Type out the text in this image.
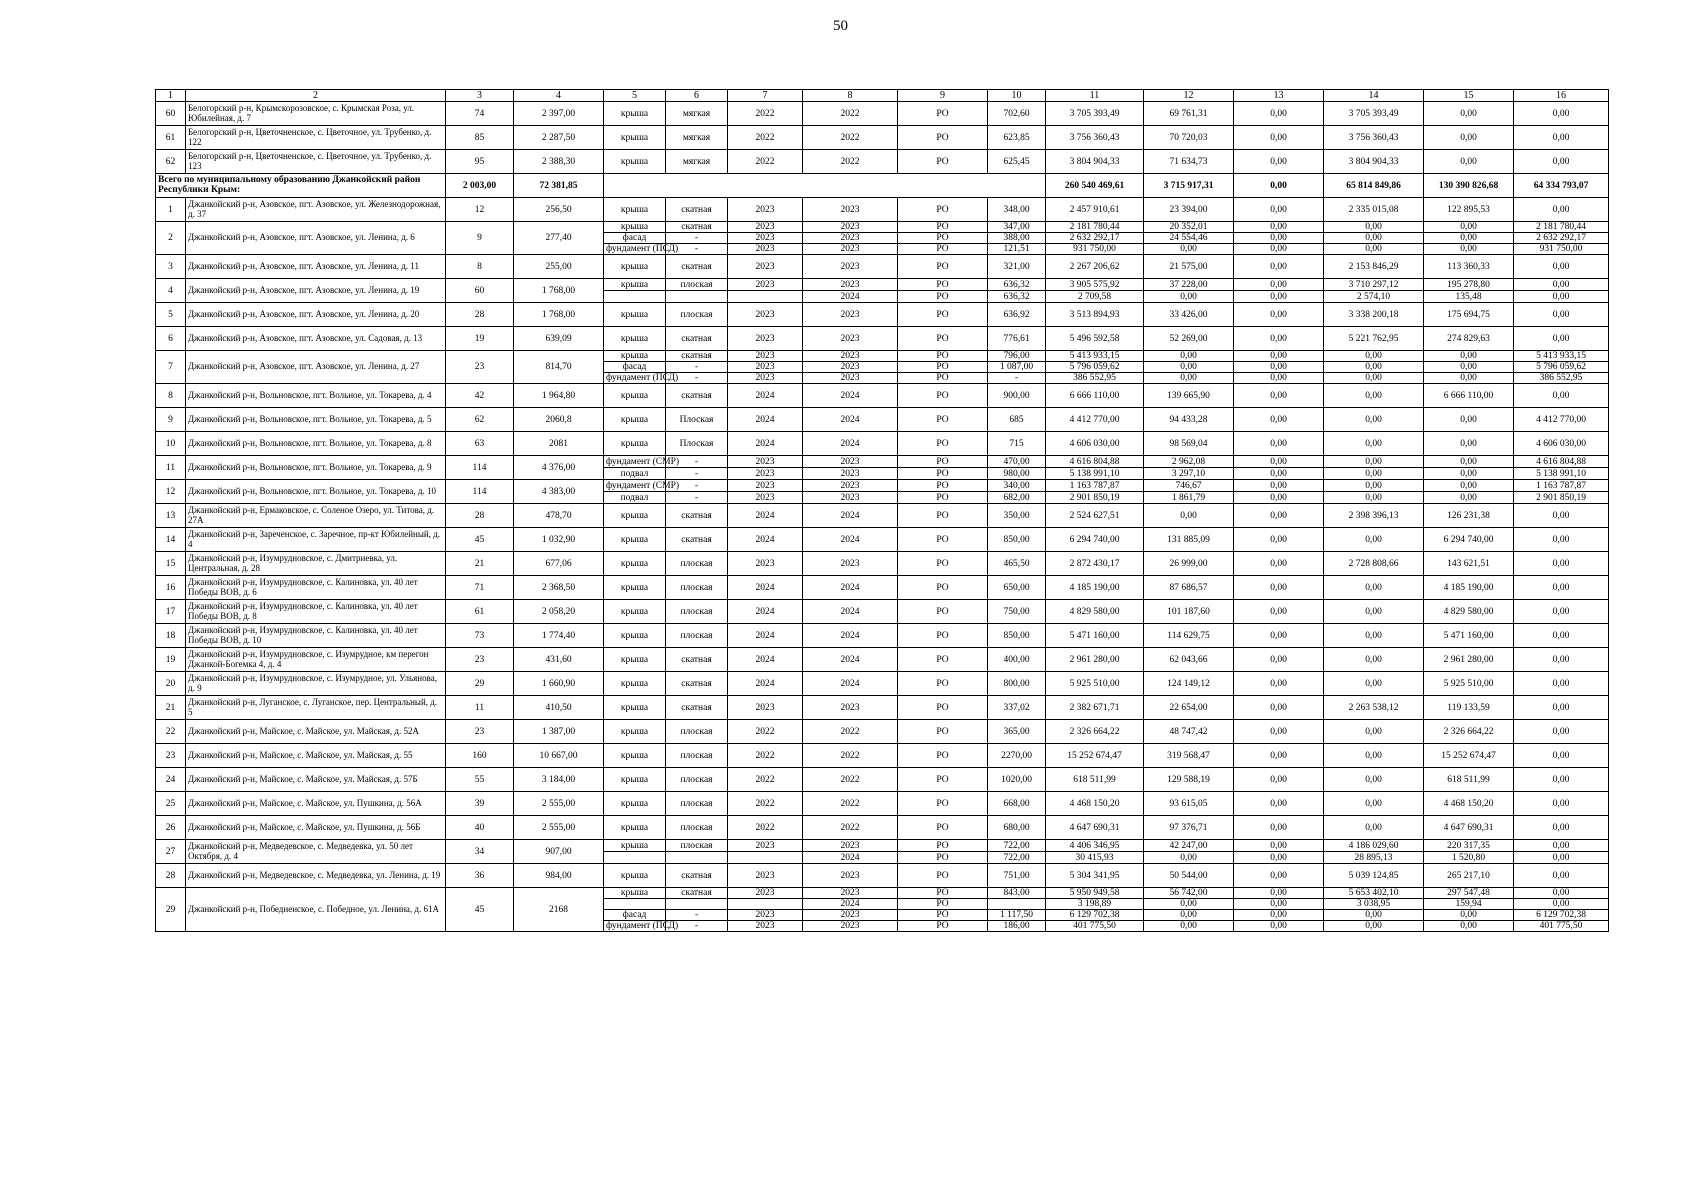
50
1	2	3	4	5	6	7	8	9	10	11	12	13	14	15	16
60	Белогорский р-н, Крымскорозовское, с. Крымская Роза, ул. Юбилейная, д. 7	74	2 397,00	крыша	мягкая	2022	2022	РО	702,60	3 705 393,49	69 761,31	0,00	3 705 393,49	0,00	0,00
61	Белогорский р-н, Цветочненское, с. Цветочное, ул. Трубенко, д. 122	85	2 287,50	крыша	мягкая	2022	2022	РО	623,85	3 756 360,43	70 720,03	0,00	3 756 360,43	0,00	0,00
62	Белогорский р-н, Цветочненское, с. Цветочное, ул. Трубенко, д. 123	95	2 388,30	крыша	мягкая	2022	2022	РО	625,45	3 804 904,33	71 634,73	0,00	3 804 904,33	0,00	0,00
Всего по муниципальному образованию Джанкойский район Республики Крым:		2 003,00	72 381,85							260 540 469,61	3 715 917,31	0,00	65 814 849,86	130 390 826,68	64 334 793,07
1	Джанкойский р-н, Азовское, пгт. Азовское, ул. Железнодорожная, д. 37	12	256,50	крыша	скатная	2023	2023	РО	348,00	2 457 910,61	23 394,00	0,00	2 335 015,08	122 895,53	0,00
2	Джанкойский р-н, Азовское, пгт. Азовское, ул. Ленина, д. 6	9	277,40	крыша	скатная	2023	2023	РО	347,00	2 181 780,44	20 352,01	0,00	0,00	0,00	2 181 780,44
				фасад	-	2023	2023	РО	388,00	2 632 292,17	24 554,46	0,00	0,00	0,00	2 632 292,17
				фундамент (ПСД)	-	2023	2023	РО	121,51	931 750,00	0,00	0,00	0,00	0,00	931 750,00
3	Джанкойский р-н, Азовское, пгт. Азовское, ул. Ленина, д. 11	8	255,00	крыша	скатная	2023	2023	РО	321,00	2 267 206,62	21 575,00	0,00	2 153 846,29	113 360,33	0,00
4	Джанкойский р-н, Азовское, пгт. Азовское, ул. Ленина, д. 19	60	1 768,00	крыша	плоская	2023	2023	РО	636,32	3 905 575,92	37 228,00	0,00	3 710 297,12	195 278,80	0,00
							2024	РО	636,32	2 709,58	0,00	0,00	2 574,10	135,48	0,00
5	Джанкойский р-н, Азовское, пгт. Азовское, ул. Ленина, д. 20	28	1 768,00	крыша	плоская	2023	2023	РО	636,92	3 513 894,93	33 426,00	0,00	3 338 200,18	175 694,75	0,00
6	Джанкойский р-н, Азовское, пгт. Азовское, ул. Садовая, д. 13	19	639,09	крыша	скатная	2023	2023	РО	776,61	5 496 592,58	52 269,00	0,00	5 221 762,95	274 829,63	0,00
7	Джанкойский р-н, Азовское, пгт. Азовское, ул. Ленина, д. 27	23	814,70	крыша	скатная	2023	2023	РО	796,00	5 413 933,15	0,00	0,00	0,00	0,00	5 413 933,15
				фасад	-	2023	2023	РО	1 087,00	5 796 059,62	0,00	0,00	0,00	0,00	5 796 059,62
				фундамент (ПСД)	-	2023	2023	РО	-	386 552,95	0,00	0,00	0,00	0,00	386 552,95
8	Джанкойский р-н, Вольновское, пгт. Вольное, ул. Токарева, д. 4	42	1 964,80	крыша	скатная	2024	2024	РО	900,00	6 666 110,00	139 665,90	0,00	0,00	6 666 110,00	0,00
9	Джанкойский р-н, Вольновское, пгт. Вольное, ул. Токарева, д. 5	62	2060,8	крыша	Плоская	2024	2024	РО	685	4 412 770,00	94 433,28	0,00	0,00	0,00	4 412 770,00
10	Джанкойский р-н, Вольновское, пгт. Вольное, ул. Токарева, д. 8	63	2081	крыша	Плоская	2024	2024	РО	715	4 606 030,00	98 569,04	0,00	0,00	0,00	4 606 030,00
11	Джанкойский р-н, Вольновское, пгт. Вольное, ул. Токарева, д. 9	114	4 376,00	фундамент (СМР)	-	2023	2023	РО	470,00	4 616 804,88	2 962,08	0,00	0,00	0,00	4 616 804,88
				подвал	-	2023	2023	РО	980,00	5 138 991,10	3 297,10	0,00	0,00	0,00	5 138 991,10
12	Джанкойский р-н, Вольновское, пгт. Вольное, ул. Токарева, д. 10	114	4 383,00	фундамент (СМР)	-	2023	2023	РО	340,00	1 163 787,87	746,67	0,00	0,00	0,00	1 163 787,87
				подвал	-	2023	2023	РО	682,00	2 901 850,19	1 861,79	0,00	0,00	0,00	2 901 850,19
13	Джанкойский р-н, Ермаковское, с. Соленое Озеро, ул. Титова, д. 27А	28	478,70	крыша	скатная	2024	2024	РО	350,00	2 524 627,51	0,00	0,00	2 398 396,13	126 231,38	0,00
14	Джанкойский р-н, Зареченское, с. Заречное, пр-кт Юбилейный, д. 4	45	1 032,90	крыша	скатная	2024	2024	РО	850,00	6 294 740,00	131 885,09	0,00	0,00	6 294 740,00	0,00
15	Джанкойский р-н, Изумрудновское, с. Дмитриевка, ул. Центральная, д. 28	21	677,06	крыша	плоская	2023	2023	РО	465,50	2 872 430,17	26 999,00	0,00	2 728 808,66	143 621,51	0,00
16	Джанкойский р-н, Изумрудновское, с. Калиновка, ул. 40 лет Победы ВОВ, д. 6	71	2 368,50	крыша	плоская	2024	2024	РО	650,00	4 185 190,00	87 686,57	0,00	0,00	4 185 190,00	0,00
17	Джанкойский р-н, Изумрудновское, с. Калиновка, ул. 40 лет Победы ВОВ, д. 8	61	2 058,20	крыша	плоская	2024	2024	РО	750,00	4 829 580,00	101 187,60	0,00	0,00	4 829 580,00	0,00
18	Джанкойский р-н, Изумрудновское, с. Калиновка, ул. 40 лет Победы ВОВ, д. 10	73	1 774,40	крыша	плоская	2024	2024	РО	850,00	5 471 160,00	114 629,75	0,00	0,00	5 471 160,00	0,00
19	Джанкойский р-н, Изумрудновское, с. Изумрудное, км перегон Джанкой-Богемка 4, д. 4	23	431,60	крыша	скатная	2024	2024	РО	400,00	2 961 280,00	62 043,66	0,00	0,00	2 961 280,00	0,00
20	Джанкойский р-н, Изумрудновское, с. Изумрудное, ул. Ульянова, д. 9	29	1 660,90	крыша	скатная	2024	2024	РО	800,00	5 925 510,00	124 149,12	0,00	0,00	5 925 510,00	0,00
21	Джанкойский р-н, Луганское, с. Луганское, пер. Центральный, д. 5	11	410,50	крыша	скатная	2023	2023	РО	337,02	2 382 671,71	22 654,00	0,00	2 263 538,12	119 133,59	0,00
22	Джанкойский р-н, Майское, с. Майское, ул. Майская, д. 52А	23	1 387,00	крыша	плоская	2022	2022	РО	365,00	2 326 664,22	48 747,42	0,00	0,00	2 326 664,22	0,00
23	Джанкойский р-н, Майское, с. Майское, ул. Майская, д. 55	160	10 667,00	крыша	плоская	2022	2022	РО	2270,00	15 252 674,47	319 568,47	0,00	0,00	15 252 674,47	0,00
24	Джанкойский р-н, Майское, с. Майское, ул. Майская, д. 57Б	55	3 184,00	крыша	плоская	2022	2022	РО	1020,00	618 511,99	129 588,19	0,00	0,00	618 511,99	0,00
25	Джанкойский р-н, Майское, с. Майское, ул. Пушкина, д. 56А	39	2 555,00	крыша	плоская	2022	2022	РО	668,00	4 468 150,20	93 615,05	0,00	0,00	4 468 150,20	0,00
26	Джанкойский р-н, Майское, с. Майское, ул. Пушкина, д. 56Б	40	2 555,00	крыша	плоская	2022	2022	РО	680,00	4 647 690,31	97 376,71	0,00	0,00	4 647 690,31	0,00
27	Джанкойский р-н, Медведевское, с. Медведевка, ул. 50 лет Октября, д. 4	34	907,00	крыша	плоская	2023	2023	РО	722,00	4 406 346,95	42 247,00	0,00	4 186 029,60	220 317,35	0,00
							2024	РО	722,00	30 415,93	0,00	0,00	28 895,13	1 520,80	0,00
28	Джанкойский р-н, Медведевское, с. Медведевка, ул. Ленина, д. 19	36	984,00	крыша	скатная	2023	2023	РО	751,00	5 304 341,95	50 544,00	0,00	5 039 124,85	265 217,10	0,00
29	Джанкойский р-н, Победненское, с. Победное, ул. Ленина, д. 61А	45	2168	крыша	скатная	2023	2023	РО	843,00	5 950 949,58	56 742,00	0,00	5 653 402,10	297 547,48	0,00
							2024	РО		3 198,89	0,00	0,00	3 038,95	159,94	0,00
				фасад	-	2023	2023	РО	1 117,50	6 129 702,38	0,00	0,00	0,00	0,00	6 129 702,38
				фундамент (ПСД)	-	2023	2023	РО	186,00	401 775,50	0,00	0,00	0,00	0,00	401 775,50
